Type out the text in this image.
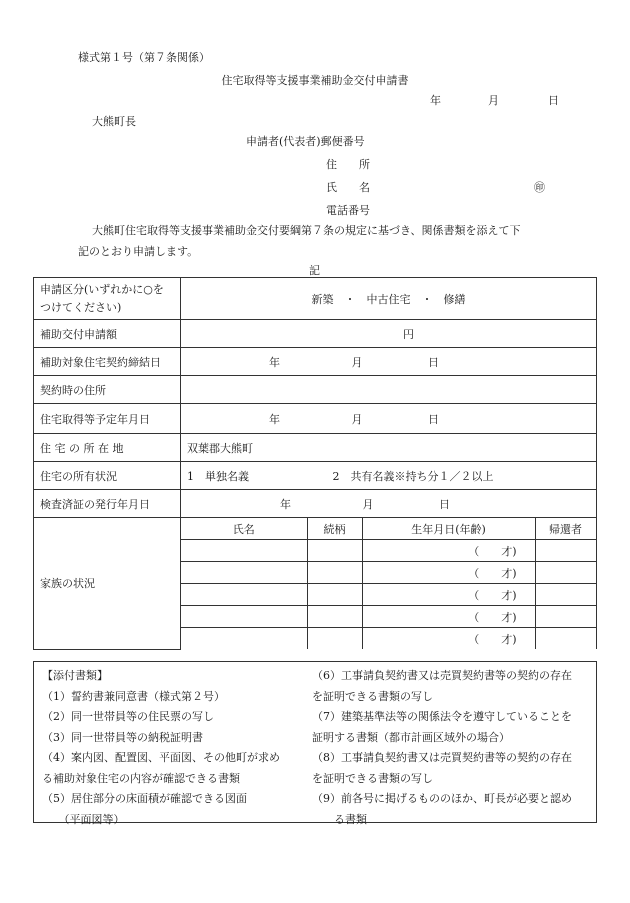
様式第１号（第７条関係）
住宅取得等支援事業補助金交付申請書
年	月	日
大熊町長
申請者(代表者)郵便番号
住　　所
氏　　名	㊞
電話番号
大熊町住宅取得等支援事業補助金交付要綱第７条の規定に基づき、関係書類を添えて下
記のとおり申請します。
記
申請区分(いずれかに○を
つけてください)	新築　・　中古住宅　・　修繕
補助交付申請額	円
補助対象住宅契約締結日	年	月	日
契約時の住所	
住宅取得等予定年月日	年	月	日
住 宅 の 所 在 地	双葉郡大熊町
住宅の所有状況	1　単独名義	2　共有名義※持ち分１／２以上
検査済証の発行年月日	年	月	日
家族の状況	
氏名	続柄	生年月日(年齢)	帰還者
		（　　才)	
		（　　才)	
		（　　才)	
		（　　才)	
		（　　才)	
【添付書類】
（1）誓約書兼同意書（様式第２号）
（2）同一世帯員等の住民票の写し
（3）同一世帯員等の納税証明書
（4）案内図、配置図、平面図、その他町が求め
る補助対象住宅の内容が確認できる書類
（5）居住部分の床面積が確認できる図面
　　（平面図等）
（6）工事請負契約書又は売買契約書等の契約の存在
を証明できる書類の写し
（7）建築基準法等の関係法令を遵守していることを
証明する書類（都市計画区域外の場合）
（8）工事請負契約書又は売買契約書等の契約の存在
を証明できる書類の写し
（9）前各号に掲げるもののほか、町長が必要と認め
　　る書類
